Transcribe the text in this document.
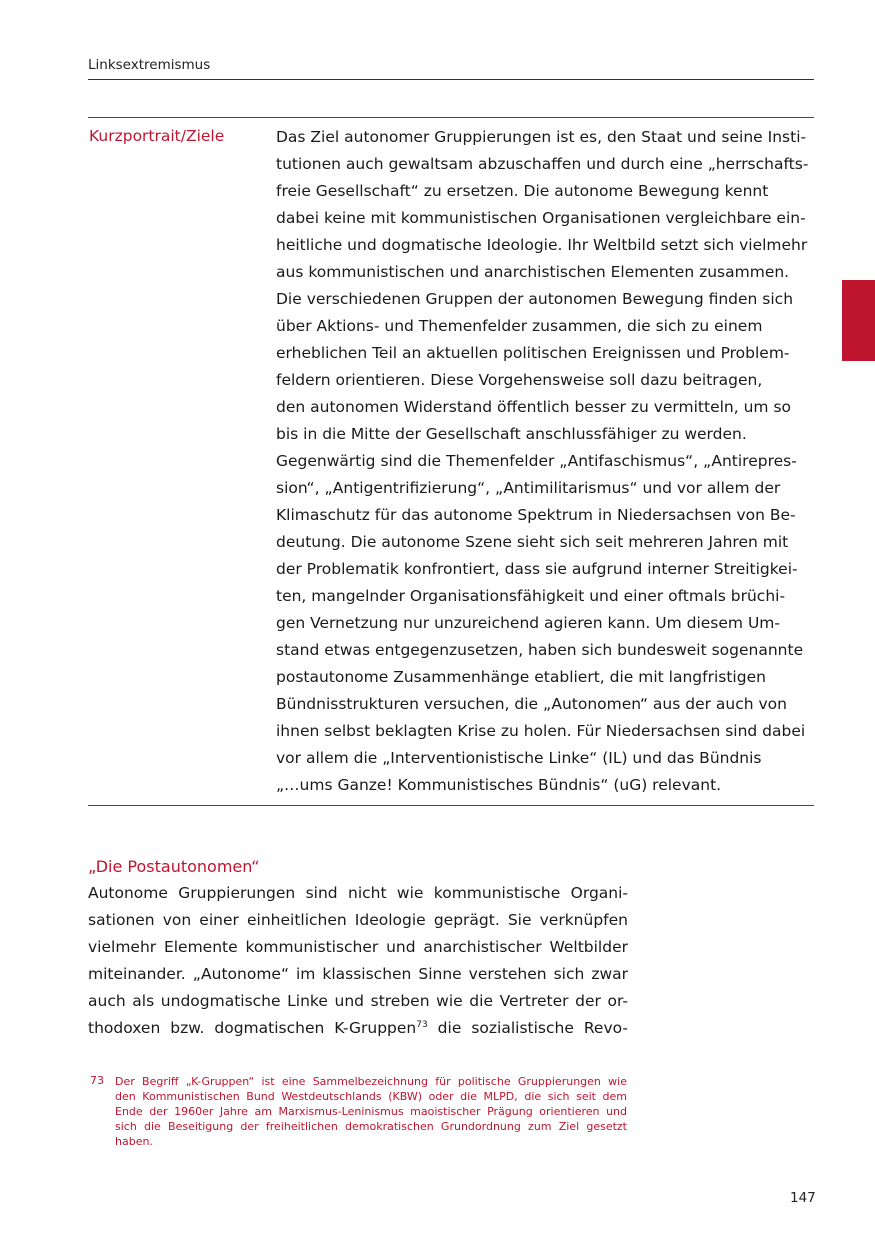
Linksextremismus
Kurzportrait/Ziele	Das Ziel autonomer Gruppierungen ist es, den Staat und seine Insti-
tutionen auch gewaltsam abzuschaffen und durch eine „herrschafts-
freie Gesellschaft“ zu ersetzen. Die autonome Bewegung kennt
dabei keine mit kommunistischen Organisationen vergleichbare ein-
heitliche und dogmatische Ideologie. Ihr Weltbild setzt sich vielmehr
aus kommunistischen und anarchistischen Elementen zusammen.
Die verschiedenen Gruppen der autonomen Bewegung finden sich
über Aktions- und Themenfelder zusammen, die sich zu einem
erheblichen Teil an aktuellen politischen Ereignissen und Problem-
feldern orientieren. Diese Vorgehensweise soll dazu beitragen,
den autonomen Widerstand öffentlich besser zu vermitteln, um so
bis in die Mitte der Gesellschaft anschlussfähiger zu werden.
Gegenwärtig sind die Themenfelder „Antifaschismus“, „Antirepres-
sion“, „Antigentrifizierung“, „Antimilitarismus“ und vor allem der
Klimaschutz für das autonome Spektrum in Niedersachsen von Be-
deutung. Die autonome Szene sieht sich seit mehreren Jahren mit
der Problematik konfrontiert, dass sie aufgrund interner Streitigkei-
ten, mangelnder Organisationsfähigkeit und einer oftmals brüchi-
gen Vernetzung nur unzureichend agieren kann. Um diesem Um-
stand etwas entgegenzusetzen, haben sich bundesweit sogenannte
postautonome Zusammenhänge etabliert, die mit langfristigen
Bündnisstrukturen versuchen, die „Autonomen“ aus der auch von
ihnen selbst beklagten Krise zu holen. Für Niedersachsen sind dabei
vor allem die „Interventionistische Linke“ (IL) und das Bündnis
„…ums Ganze! Kommunistisches Bündnis“ (uG) relevant.
„Die Postautonomen“
Autonome Gruppierungen sind nicht wie kommunistische Organi-
sationen von einer einheitlichen Ideologie geprägt. Sie verknüpfen
vielmehr Elemente kommunistischer und anarchistischer Weltbilder
miteinander. „Autonome“ im klassischen Sinne verstehen sich zwar
auch als undogmatische Linke und streben wie die Vertreter der or-
thodoxen bzw. dogmatischen K-Gruppen$^{73}$ die sozialistische Revo-
73 Der Begriff „K-Gruppen“ ist eine Sammelbezeichnung für politische Gruppierungen wie
den Kommunistischen Bund Westdeutschlands (KBW) oder die MLPD, die sich seit dem
Ende der 1960er Jahre am Marxismus-Leninismus maoistischer Prägung orientieren und
sich die Beseitigung der freiheitlichen demokratischen Grundordnung zum Ziel gesetzt
haben.
147
